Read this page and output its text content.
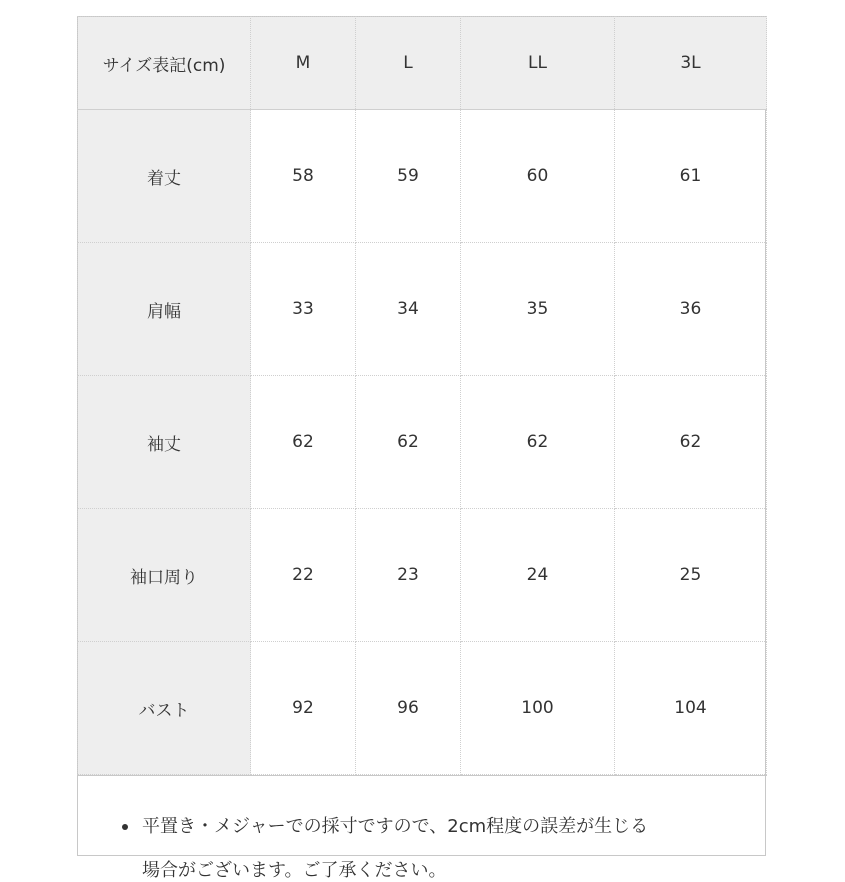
サイズ表記(cm)	M	L	LL	3L
着丈	58	59	60	61
肩幅	33	34	35	36
袖丈	62	62	62	62
袖口周り	22	23	24	25
バスト	92	96	100	104
平置き・メジャーでの採寸ですので、2cm程度の誤差が生じる
場合がございます。ご了承ください。
